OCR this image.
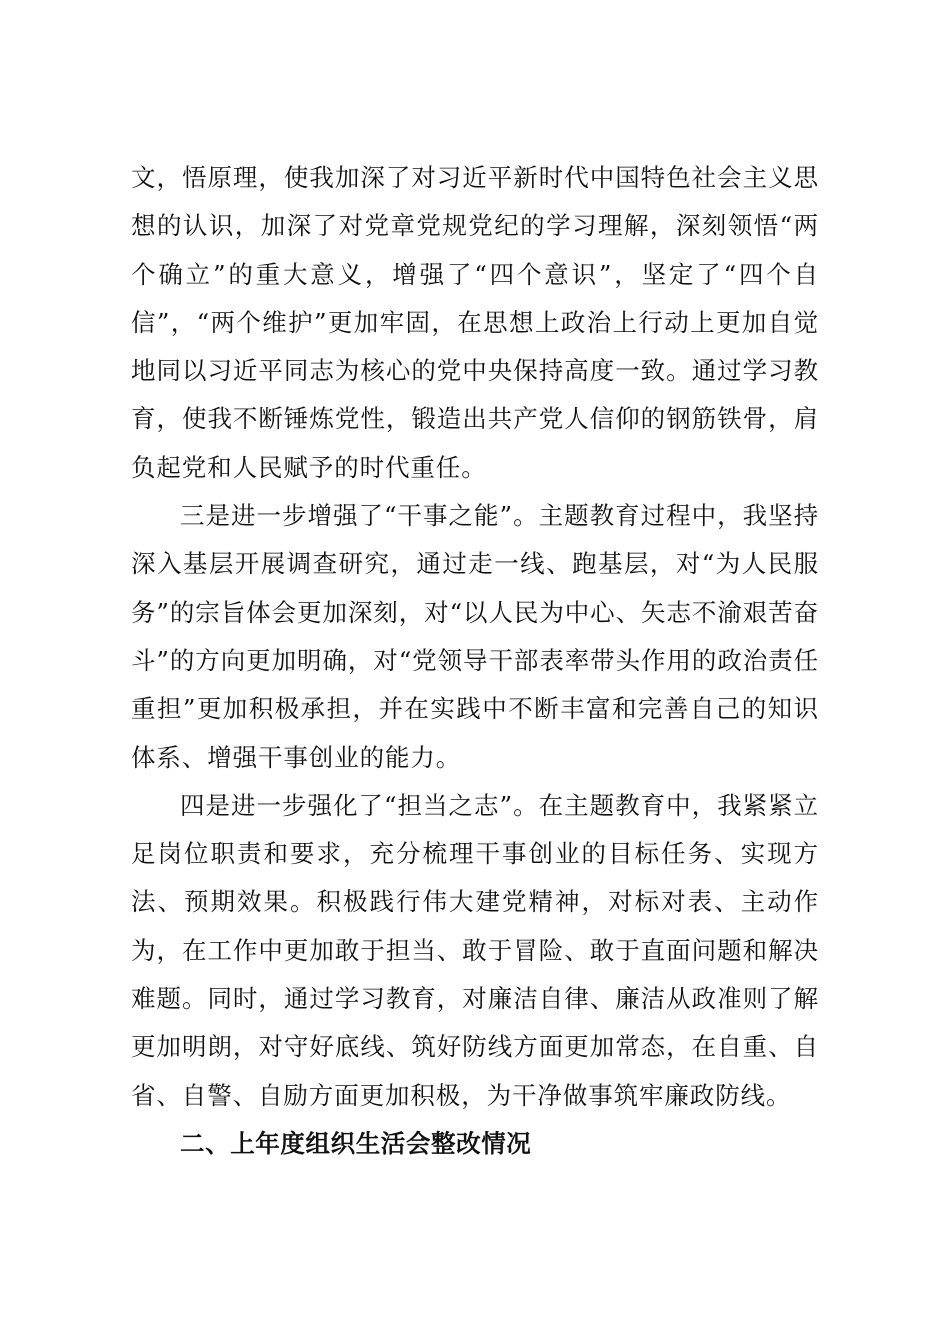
文，悟原理，使我加深了对习近平新时代中国特色社会主义思想的认识，加深了对党章党规党纪的学习理解，深刻领悟“两个确立”的重大意义，增强了“四个意识”，坚定了“四个自信”，“两个维护”更加牢固，在思想上政治上行动上更加自觉地同以习近平同志为核心的党中央保持高度一致。通过学习教育，使我不断锤炼党性，锻造出共产党人信仰的钢筋铁骨，肩负起党和人民赋予的时代重任。

三是进一步增强了“干事之能”。主题教育过程中，我坚持深入基层开展调查研究，通过走一线、跑基层，对“为人民服务”的宗旨体会更加深刻，对“以人民为中心、矢志不渝艰苦奋斗”的方向更加明确，对“党领导干部表率带头作用的政治责任重担”更加积极承担，并在实践中不断丰富和完善自己的知识体系、增强干事创业的能力。

四是进一步强化了“担当之志”。在主题教育中，我紧紧立足岗位职责和要求，充分梳理干事创业的目标任务、实现方法、预期效果。积极践行伟大建党精神，对标对表、主动作为，在工作中更加敢于担当、敢于冒险、敢于直面问题和解决难题。同时，通过学习教育，对廉洁自律、廉洁从政准则了解更加明朗，对守好底线、筑好防线方面更加常态，在自重、自省、自警、自励方面更加积极，为干净做事筑牢廉政防线。

二、上年度组织生活会整改情况
